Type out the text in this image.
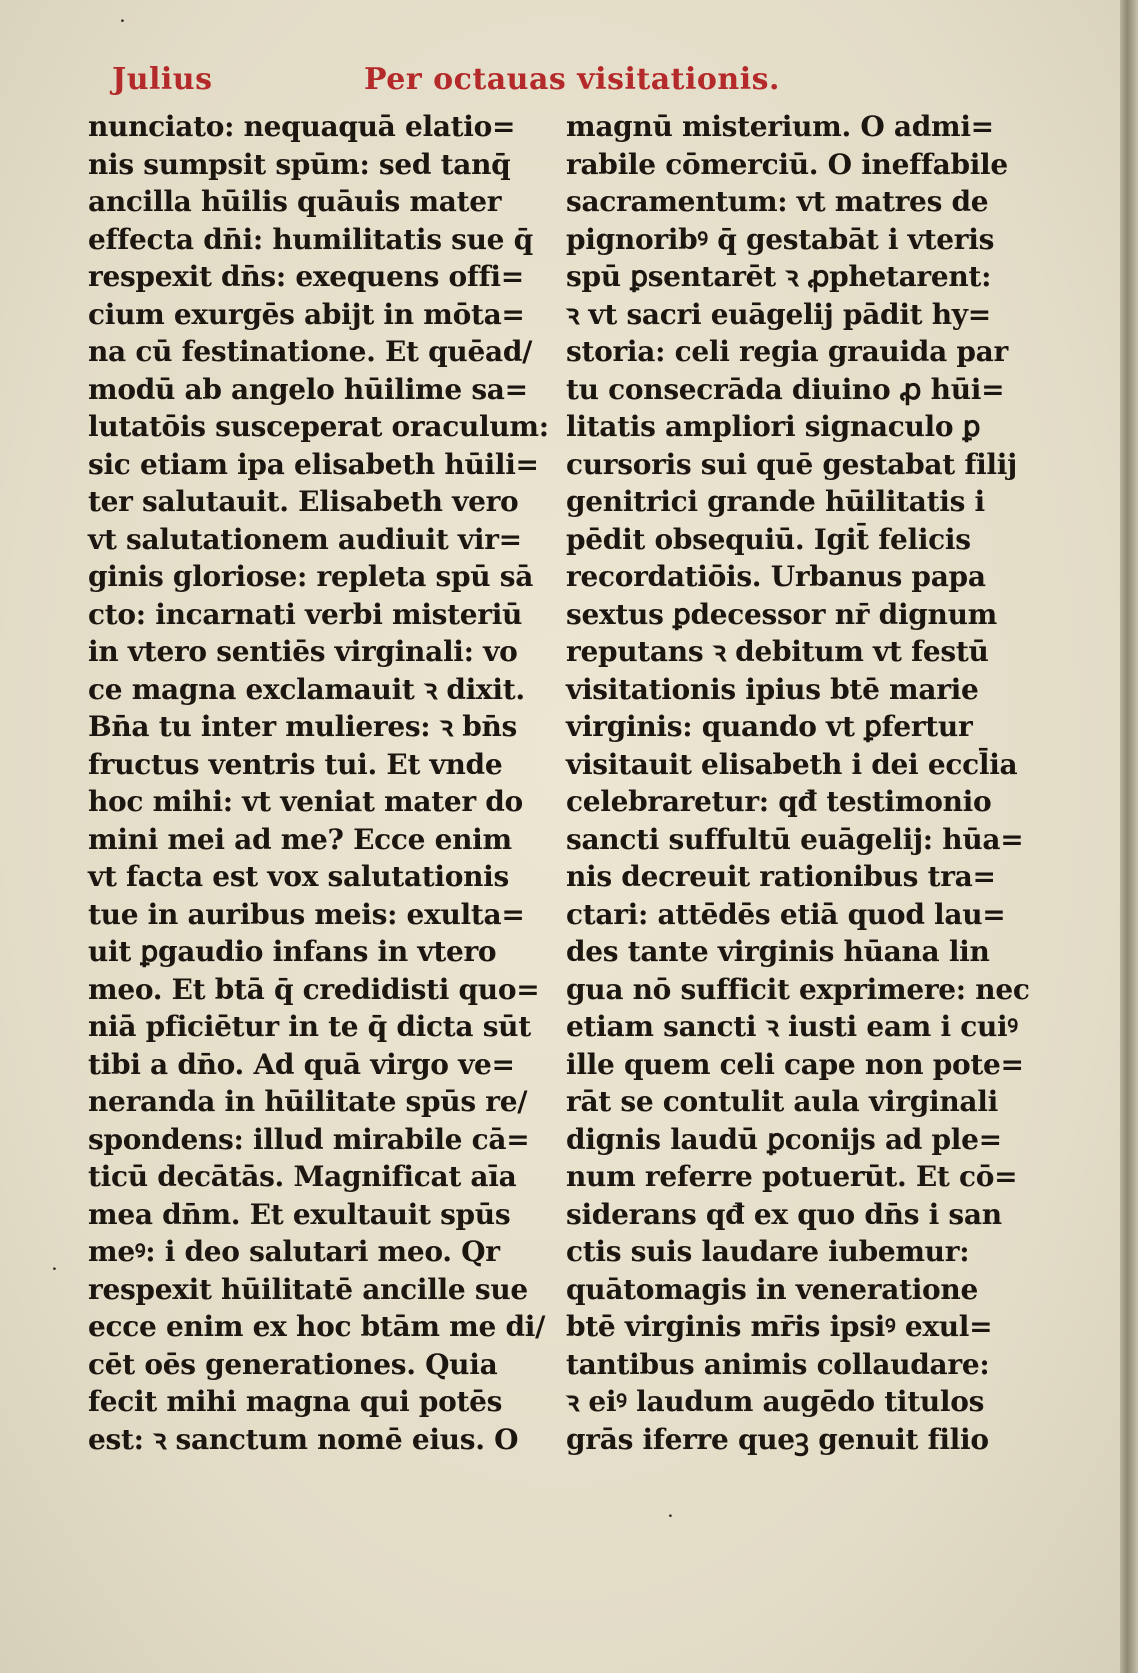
.
.
.
Julius	Per octauas visitationis.
nunciato: nequaquā elatio=
nis sumpsit spūm: sed tanq̄
ancilla hūilis quāuis mater
effecta dn̄i: humilitatis sue q̄
respexit dn̄s: exequens offi=
cium exurgēs abijt in mōta=
na cū festinatione. Et quēad/
modū ab angelo hūilime sa=
lutatōis susceperat oraculum:
sic etiam ipa elisabeth hūili=
ter salutauit. Elisabeth vero
vt salutationem audiuit vir=
ginis gloriose: repleta spū sā
cto: incarnati verbi misteriū
in vtero sentiēs virginali: vo
ce magna exclamauit ꝛ dixit.
Bn̄a tu inter mulieres: ꝛ bn̄s
fructus ventris tui. Et vnde
hoc mihi: vt veniat mater do
mini mei ad me? Ecce enim
vt facta est vox salutationis
tue in auribus meis: exulta=
uit ꝑgaudio infans in vtero
meo. Et btā q̄ credidisti quo=
niā pficiētur in te q̄ dicta sūt
tibi a dn̄o. Ad quā virgo ve=
neranda in hūilitate spūs re/
spondens: illud mirabile cā=
ticū decātās. Magnificat aīa
mea dn̄m. Et exultauit spūs
meꝰ: i deo salutari meo. Qr
respexit hūilitatē ancille sue
ecce enim ex hoc btām me di/
cēt oēs generationes. Quia
fecit mihi magna qui potēs
est: ꝛ sanctum nomē eius. O
magnū misterium. O admi=
rabile cōmerciū. O ineffabile
sacramentum: vt matres de
pignoribꝰ q̄ gestabāt i vteris
spū ꝑsentarēt ꝛ ꝓphetarent:
ꝛ vt sacri euāgelij pādit hy=
storia: celi regia grauida par
tu consecrāda diuino ꝓ hūi=
litatis ampliori signaculo ꝑ
cursoris sui quē gestabat filij
genitrici grande hūilitatis i
pēdit obsequiū. Igit̄ felicis
recordatiōis. Urbanus papa
sextus ꝑdecessor nr̄ dignum
reputans ꝛ debitum vt festū
visitationis ipius btē marie
virginis: quando vt ꝑfertur
visitauit elisabeth i dei eccl̄ia
celebraretur: qđ testimonio
sancti suffultū euāgelij: hūa=
nis decreuit rationibus tra=
ctari: attēdēs etiā quod lau=
des tante virginis hūana lin
gua nō sufficit exprimere: nec
etiam sancti ꝛ iusti eam i cuiꝰ
ille quem celi cape non pote=
rāt se contulit aula virginali
dignis laudū ꝑconijs ad ple=
num referre potuerūt. Et cō=
siderans qđ ex quo dn̄s i san
ctis suis laudare iubemur:
quātomagis in veneratione
btē virginis mr̄is ipsiꝰ exul=
tantibus animis collaudare:
ꝛ eiꝰ laudum augēdo titulos
grās iferre queꝫ genuit filio
